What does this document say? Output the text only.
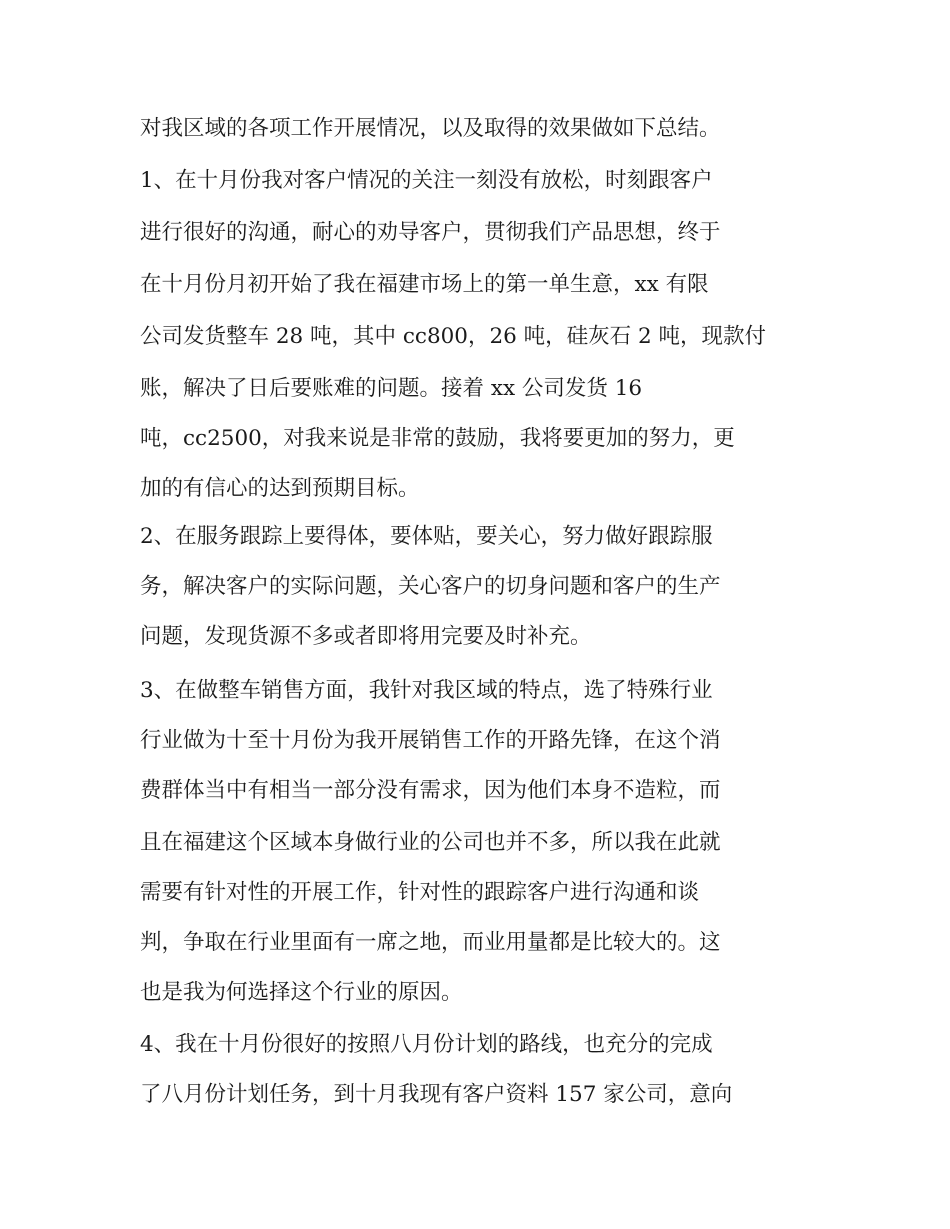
对我区域的各项工作开展情况，以及取得的效果做如下总结。

1、在十月份我对客户情况的关注一刻没有放松，时刻跟客户

进行很好的沟通，耐心的劝导客户，贯彻我们产品思想，终于

在十月份月初开始了我在福建市场上的第一单生意，xx 有限

公司发货整车 28 吨，其中 cc800，26 吨，硅灰石 2 吨，现款付

账，解决了日后要账难的问题。接着 xx 公司发货 16

吨，cc2500，对我来说是非常的鼓励，我将要更加的努力，更

加的有信心的达到预期目标。

2、在服务跟踪上要得体，要体贴，要关心，努力做好跟踪服

务，解决客户的实际问题，关心客户的切身问题和客户的生产

问题，发现货源不多或者即将用完要及时补充。

3、在做整车销售方面，我针对我区域的特点，选了特殊行业

行业做为十至十月份为我开展销售工作的开路先锋，在这个消

费群体当中有相当一部分没有需求，因为他们本身不造粒，而

且在福建这个区域本身做行业的公司也并不多，所以我在此就

需要有针对性的开展工作，针对性的跟踪客户进行沟通和谈

判，争取在行业里面有一席之地，而业用量都是比较大的。这

也是我为何选择这个行业的原因。

4、我在十月份很好的按照八月份计划的路线，也充分的完成

了八月份计划任务，到十月我现有客户资料 157 家公司，意向
